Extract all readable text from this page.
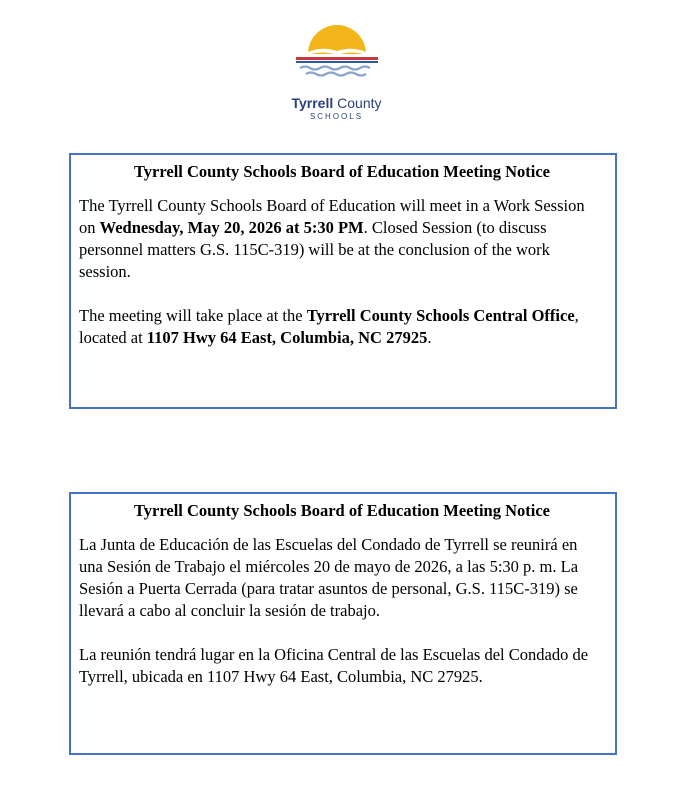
Tyrrell County
SCHOOLS
Tyrrell County Schools Board of Education Meeting Notice

The Tyrrell County Schools Board of Education will meet in a Work Session on Wednesday, May 20, 2026 at 5:30 PM. Closed Session (to discuss personnel matters G.S. 115C-319) will be at the conclusion of the work session.

The meeting will take place at the Tyrrell County Schools Central Office, located at 1107 Hwy 64 East, Columbia, NC 27925.

Tyrrell County Schools Board of Education Meeting Notice

La Junta de Educación de las Escuelas del Condado de Tyrrell se reunirá en una Sesión de Trabajo el miércoles 20 de mayo de 2026, a las 5:30 p. m. La Sesión a Puerta Cerrada (para tratar asuntos de personal, G.S. 115C-319) se llevará a cabo al concluir la sesión de trabajo.

La reunión tendrá lugar en la Oficina Central de las Escuelas del Condado de Tyrrell, ubicada en 1107 Hwy 64 East, Columbia, NC 27925.
